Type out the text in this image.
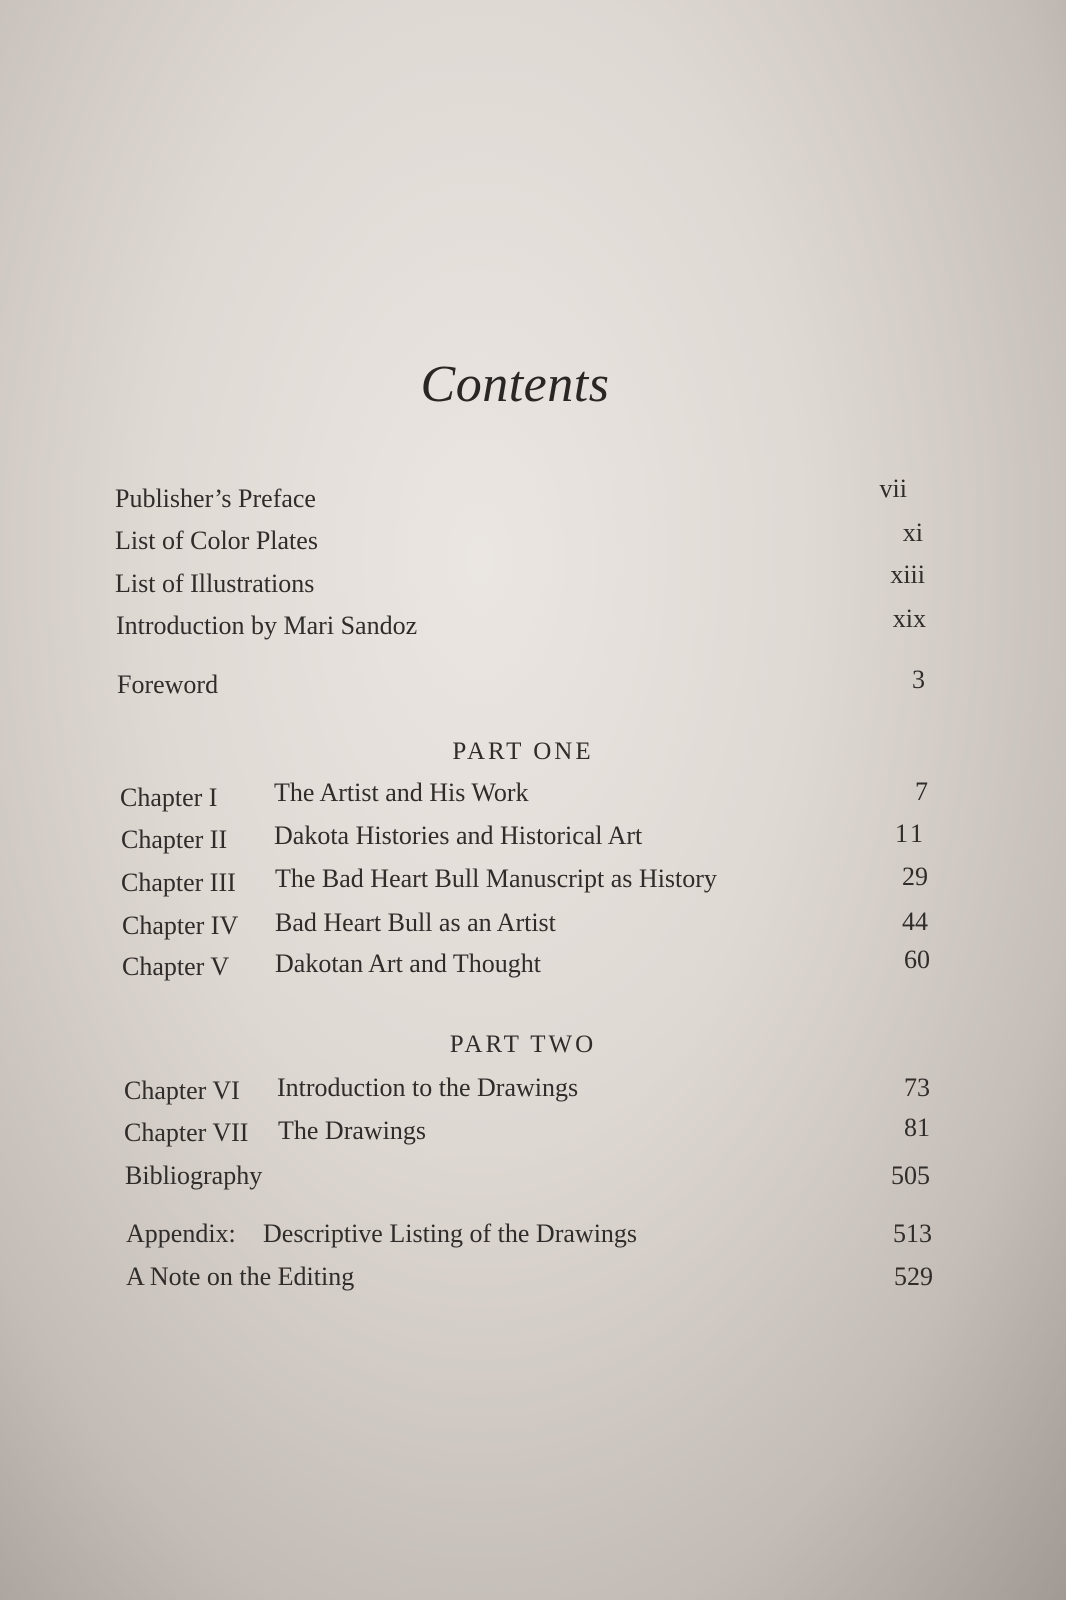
Contents
Publisher’s Preface	vii
List of Color Plates	xi
List of Illustrations	xiii
Introduction by Mari Sandoz	xix
Foreword	3
PART ONE
Chapter I The Artist and His Work	7
Chapter II Dakota Histories and Historical Art	11
Chapter III The Bad Heart Bull Manuscript as History	29
Chapter IV Bad Heart Bull as an Artist	44
Chapter V Dakotan Art and Thought	60
PART TWO
Chapter VI Introduction to the Drawings	73
Chapter VII The Drawings	81
Bibliography	505
Appendix: Descriptive Listing of the Drawings	513
A Note on the Editing	529
